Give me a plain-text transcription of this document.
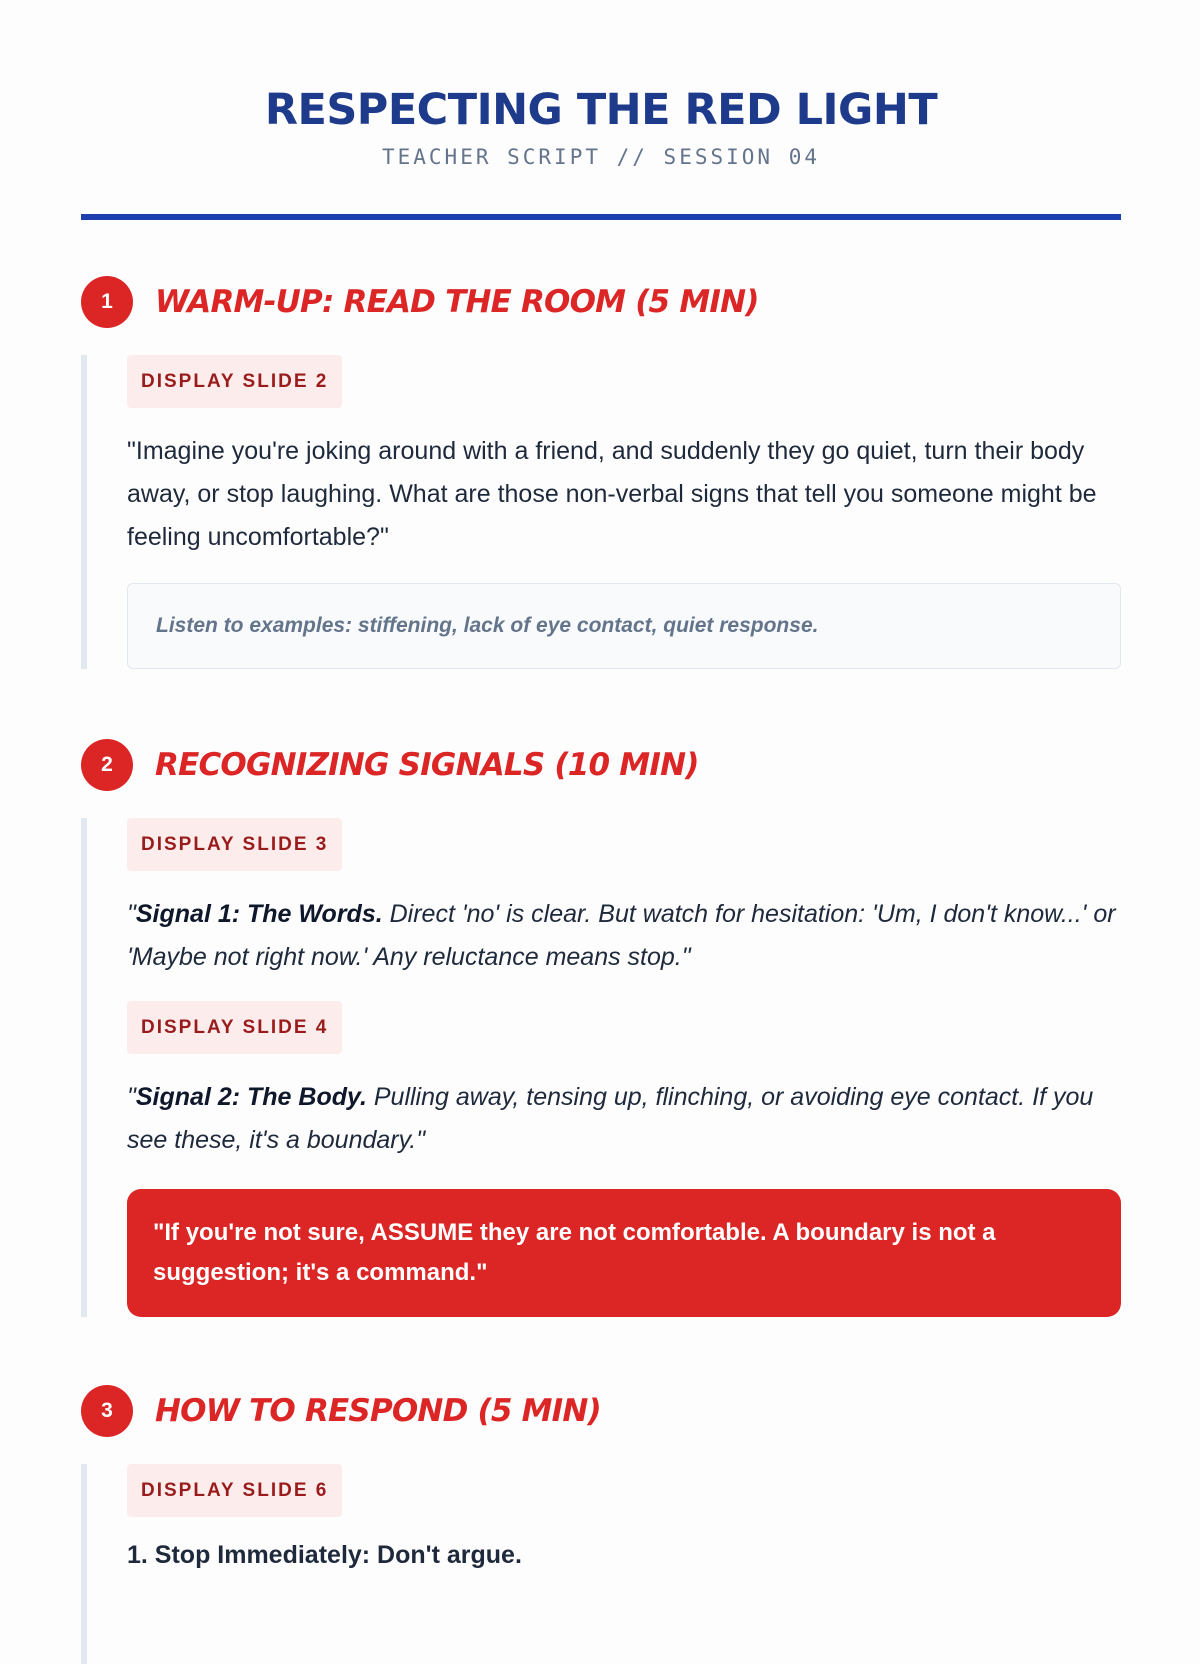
RESPECTING THE RED LIGHT
TEACHER SCRIPT // SESSION 04
1	WARM-UP: READ THE ROOM (5 MIN)
DISPLAY SLIDE 2

"Imagine you're joking around with a friend, and suddenly they go quiet, turn their body away, or stop laughing. What are those non-verbal signs that tell you someone might be feeling uncomfortable?"

Listen to examples: stiffening, lack of eye contact, quiet response.
2	RECOGNIZING SIGNALS (10 MIN)
DISPLAY SLIDE 3

"Signal 1: The Words. Direct 'no' is clear. But watch for hesitation: 'Um, I don't know...' or 'Maybe not right now.' Any reluctance means stop."

DISPLAY SLIDE 4

"Signal 2: The Body. Pulling away, tensing up, flinching, or avoiding eye contact. If you see these, it's a boundary."

"If you're not sure, ASSUME they are not comfortable. A boundary is not a suggestion; it's a command."
3	HOW TO RESPOND (5 MIN)
DISPLAY SLIDE 6
1. Stop Immediately: Don't argue.
